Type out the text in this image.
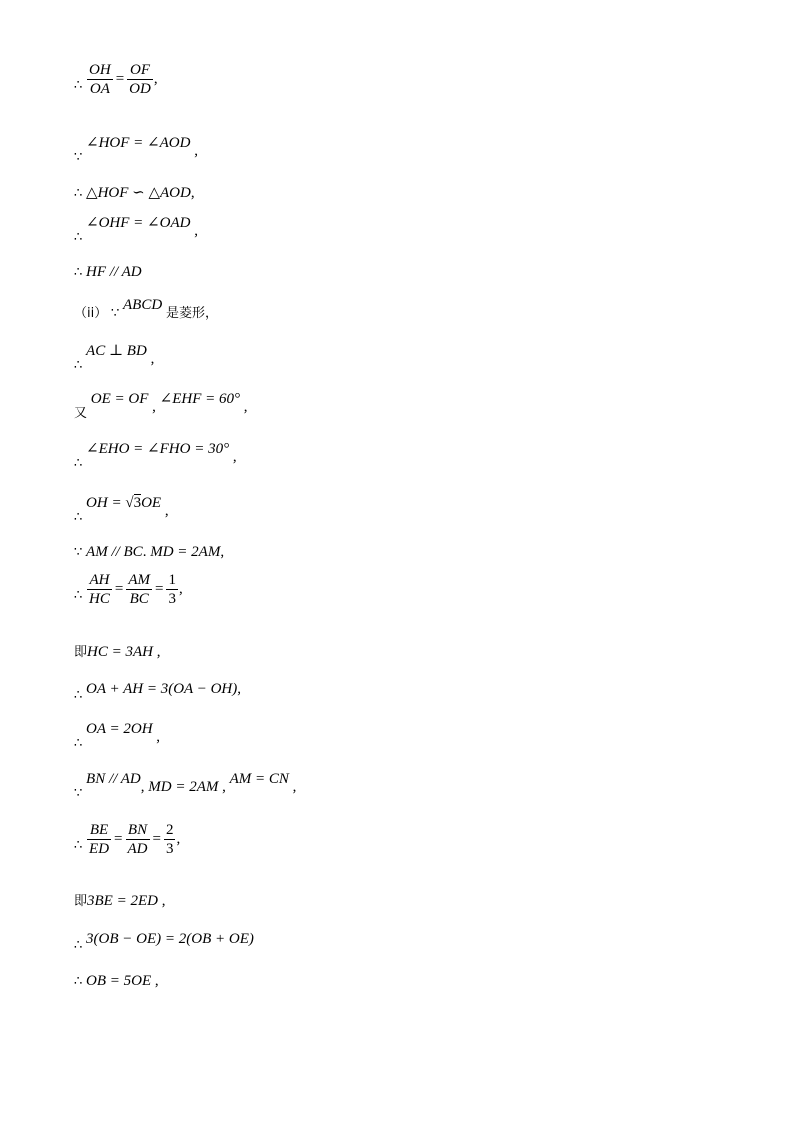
∴ $\frac{OH}{OA} = \frac{OF}{OD}$ ,
∵ ∠HOF = ∠AOD ,
∴ △HOF ∽ △AOD,
∴ ∠OHF = ∠OAD ,
∴ HF // AD
（ii） ∵ ABCD 是菱形，
∴ AC ⊥ BD ,
又 OE = OF , ∠EHF = 60° ,
∴ ∠EHO = ∠FHO = 30° ,
∴ OH = √3OE ,
∵ AM // BC. MD = 2AM,
∴ $\frac{AH}{HC} = \frac{AM}{BC} = \frac{1}{3}$ ,
即HC = 3AH ,
∴ OA + AH = 3(OA − OH),
∴ OA = 2OH ,
∵ BN // AD, MD = 2AM , AM = CN ,
∴ $\frac{BE}{ED} = \frac{BN}{AD} = \frac{2}{3}$ ,
即3BE = 2ED ,
∴ 3(OB − OE) = 2(OB + OE)
∴ OB = 5OE ,
